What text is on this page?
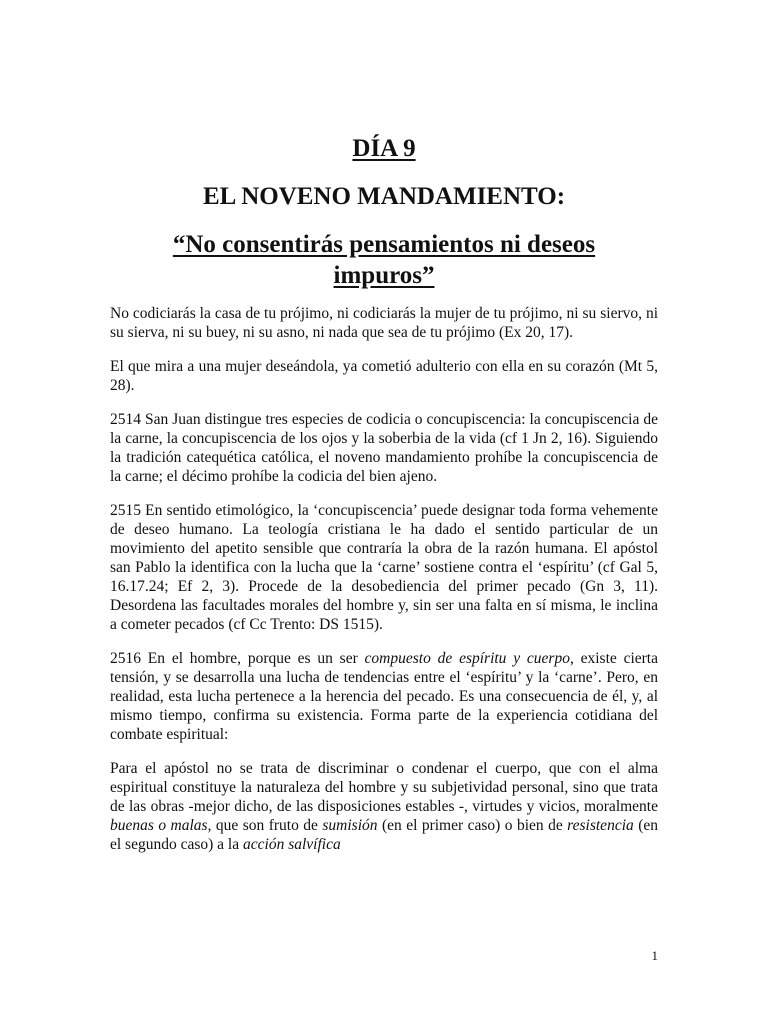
DÍA 9
EL NOVENO MANDAMIENTO:
“No consentirás pensamientos ni deseos impuros”

No codiciarás la casa de tu prójimo, ni codiciarás la mujer de tu prójimo, ni su siervo, ni su sierva, ni su buey, ni su asno, ni nada que sea de tu prójimo (Ex 20, 17).

El que mira a una mujer deseándola, ya cometió adulterio con ella en su corazón (Mt 5, 28).

2514 San Juan distingue tres especies de codicia o concupiscencia: la concupiscencia de la carne, la concupiscencia de los ojos y la soberbia de la vida (cf 1 Jn 2, 16). Siguiendo la tradición catequética católica, el noveno mandamiento prohíbe la concupiscencia de la carne; el décimo prohíbe la codicia del bien ajeno.

2515 En sentido etimológico, la ‘concupiscencia’ puede designar toda forma vehemente de deseo humano. La teología cristiana le ha dado el sentido particular de un movimiento del apetito sensible que contraría la obra de la razón humana. El apóstol san Pablo la identifica con la lucha que la ‘carne’ sostiene contra el ‘espíritu’ (cf Gal 5, 16.17.24; Ef 2, 3). Procede de la desobediencia del primer pecado (Gn 3, 11). Desordena las facultades morales del hombre y, sin ser una falta en sí misma, le inclina a cometer pecados (cf Cc Trento: DS 1515).

2516 En el hombre, porque es un ser compuesto de espíritu y cuerpo, existe cierta tensión, y se desarrolla una lucha de tendencias entre el ‘espíritu’ y la ‘carne’. Pero, en realidad, esta lucha pertenece a la herencia del pecado. Es una consecuencia de él, y, al mismo tiempo, confirma su existencia. Forma parte de la experiencia cotidiana del combate espiritual:

Para el apóstol no se trata de discriminar o condenar el cuerpo, que con el alma espiritual constituye la naturaleza del hombre y su subjetividad personal, sino que trata de las obras -mejor dicho, de las disposiciones estables -, virtudes y vicios, moralmente buenas o malas, que son fruto de sumisión (en el primer caso) o bien de resistencia (en el segundo caso) a la acción salvífica

1
